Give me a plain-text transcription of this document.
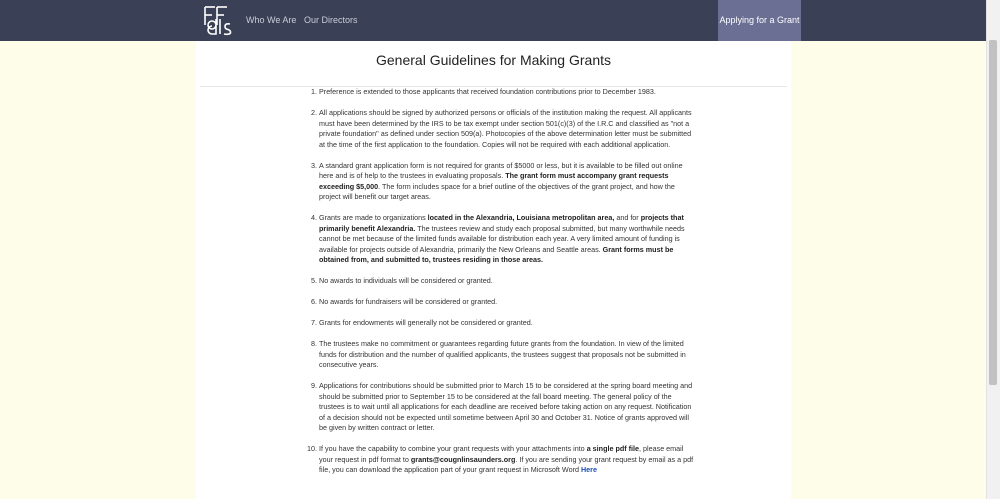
Who We Are Our Directors	Applying for a Grant
General Guidelines for Making Grants
1. Preference is extended to those applicants that received foundation contributions prior to December 1983.
2. All applications should be signed by authorized persons or officials of the institution making the request. All applicants must have been determined by the IRS to be tax exempt under section 501(c)(3) of the I.R.C and classified as "not a private foundation" as defined under section 509(a). Photocopies of the above determination letter must be submitted at the time of the first application to the foundation. Copies will not be required with each additional application.
3. A standard grant application form is not required for grants of $5000 or less, but it is available to be filled out online here and is of help to the trustees in evaluating proposals. The grant form must accompany grant requests exceeding $5,000. The form includes space for a brief outline of the objectives of the grant project, and how the project will benefit our target areas.
4. Grants are made to organizations located in the Alexandria, Louisiana metropolitan area, and for projects that primarily benefit Alexandria. The trustees review and study each proposal submitted, but many worthwhile needs cannot be met because of the limited funds available for distribution each year. A very limited amount of funding is available for projects outside of Alexandria, primarily the New Orleans and Seattle areas. Grant forms must be obtained from, and submitted to, trustees residing in those areas.
5. No awards to individuals will be considered or granted.
6. No awards for fundraisers will be considered or granted.
7. Grants for endowments will generally not be considered or granted.
8. The trustees make no commitment or guarantees regarding future grants from the foundation. In view of the limited funds for distribution and the number of qualified applicants, the trustees suggest that proposals not be submitted in consecutive years.
9. Applications for contributions should be submitted prior to March 15 to be considered at the spring board meeting and should be submitted prior to September 15 to be considered at the fall board meeting. The general policy of the trustees is to wait until all applications for each deadline are received before taking action on any request. Notification of a decision should not be expected until sometime between April 30 and October 31. Notice of grants approved will be given by written contract or letter.
10. If you have the capability to combine your grant requests with your attachments into a single pdf file, please email your request in pdf format to grants@cougnlinsaunders.org. If you are sending your grant request by email as a pdf file, you can download the application part of your grant request in Microsoft Word Here
